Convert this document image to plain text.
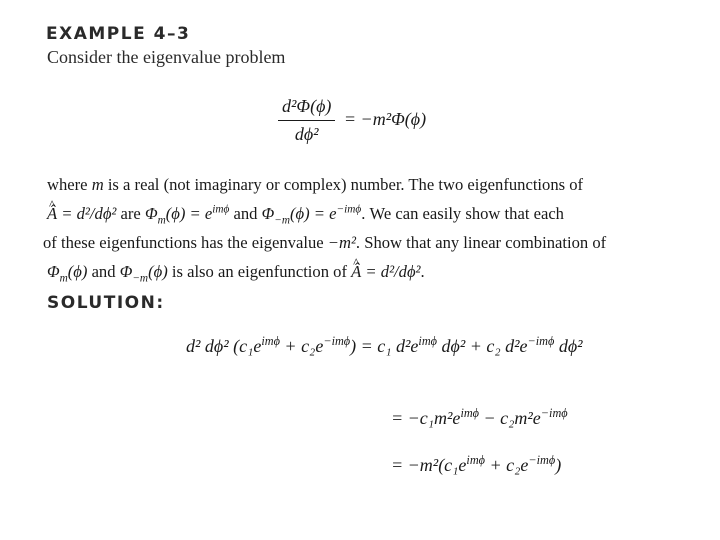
EXAMPLE 4–3
Consider the eigenvalue problem
$\frac{\text{d²Φ(ϕ)}}{\text{dϕ²}} = -m^2\Phi(\phi)$
where m is a real (not imaginary or complex) number. The two eigenfunctions of
^ Â = d²/dϕ² are $\Phi_m(\phi) = e^{im\phi}$ and $\Phi_{-m}(\phi) = e^{-im\phi}$. We can easily show that each
of these eigenfunctions has the eigenvalue −m². Show that any linear combination of
$\Phi_m(\phi)$ and $\Phi_{-m}(\phi)$ is also an eigenfunction of ^ Â = d²/dϕ².
SOLUTION:
d² dϕ² $(c_1e^{im\phi} + c_2e^{-im\phi}) = c_1$ $d^2e^{im\phi}$ dϕ² + c₂ $d^2e^{-im\phi}$ dϕ²
= $-c_1m^2e^{im\phi} - c_2m^2e^{-im\phi}$
= $-m^2(c_1e^{im\phi} + c_2e^{-im\phi})$
